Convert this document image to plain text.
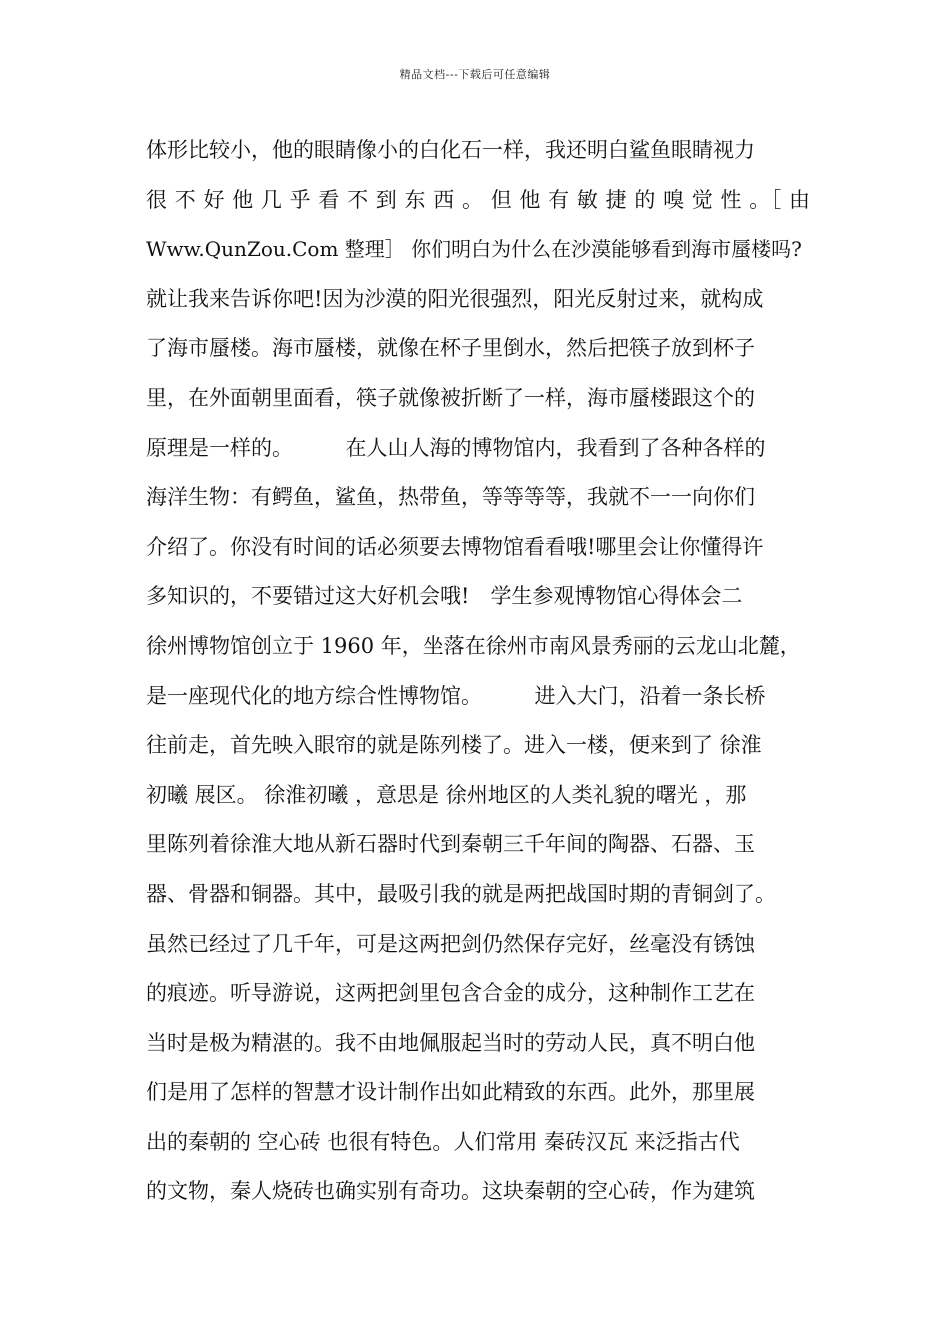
精品文档---下载后可任意编辑
体形比较小，他的眼睛像小的白化石一样，我还明白鲨鱼眼睛视力
很 不 好 他 几 乎 看 不 到 东 西 。 但 他 有 敏 捷 的 嗅 觉 性 。［ 由
Www.QunZou.Com 整理］ 你们明白为什么在沙漠能够看到海市蜃楼吗?
就让我来告诉你吧!因为沙漠的阳光很强烈，阳光反射过来，就构成
了海市蜃楼。海市蜃楼，就像在杯子里倒水，然后把筷子放到杯子
里，在外面朝里面看，筷子就像被折断了一样，海市蜃楼跟这个的
原理是一样的。　　　在人山人海的博物馆内，我看到了各种各样的
海洋生物：有鳄鱼，鲨鱼，热带鱼，等等等等，我就不一一向你们
介绍了。你没有时间的话必须要去博物馆看看哦!哪里会让你懂得许
多知识的，不要错过这大好机会哦!　学生参观博物馆心得体会二
徐州博物馆创立于 1960 年，坐落在徐州市南风景秀丽的云龙山北麓，
是一座现代化的地方综合性博物馆。　　　进入大门，沿着一条长桥
往前走，首先映入眼帘的就是陈列楼了。进入一楼，便来到了 徐淮
初曦 展区。 徐淮初曦 ，意思是 徐州地区的人类礼貌的曙光 ，那
里陈列着徐淮大地从新石器时代到秦朝三千年间的陶器、石器、玉
器、骨器和铜器。其中，最吸引我的就是两把战国时期的青铜剑了。
虽然已经过了几千年，可是这两把剑仍然保存完好，丝毫没有锈蚀
的痕迹。听导游说，这两把剑里包含合金的成分，这种制作工艺在
当时是极为精湛的。我不由地佩服起当时的劳动人民，真不明白他
们是用了怎样的智慧才设计制作出如此精致的东西。此外，那里展
出的秦朝的 空心砖 也很有特色。人们常用 秦砖汉瓦 来泛指古代
的文物，秦人烧砖也确实别有奇功。这块秦朝的空心砖，作为建筑
